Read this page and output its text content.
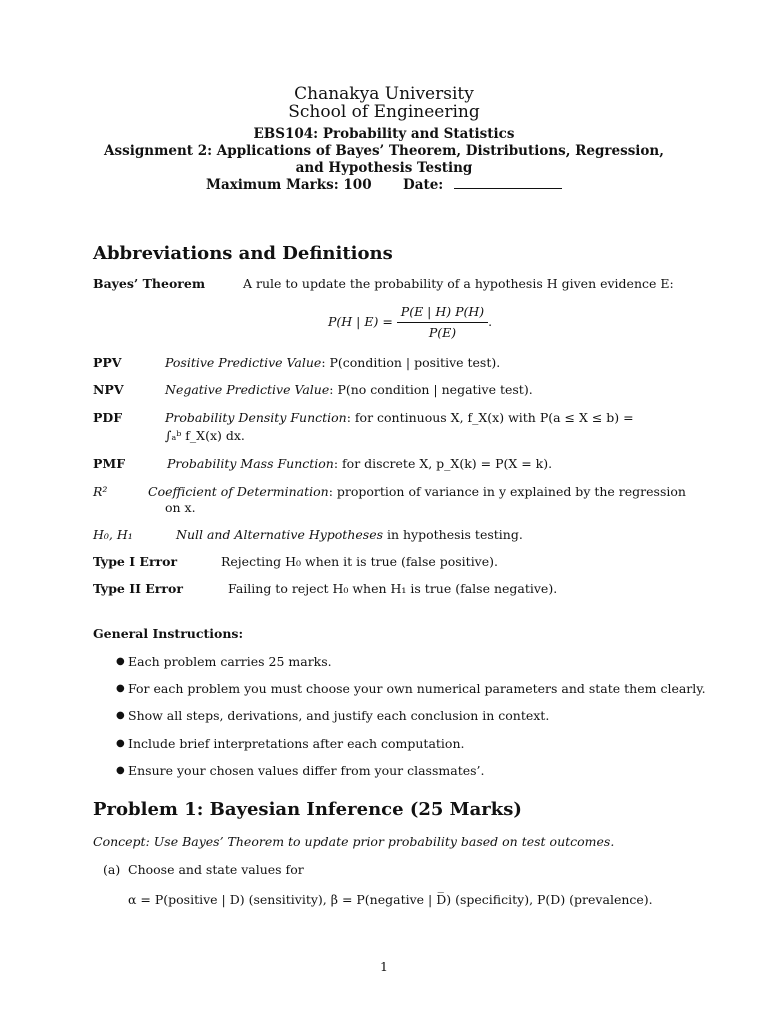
Chanakya University
School of Engineering
EBS104: Probability and Statistics
Assignment 2: Applications of Bayes’ Theorem, Distributions, Regression,
and Hypothesis Testing
Maximum Marks: 100 Date:
Abbreviations and Definitions
Bayes’ Theorem	A rule to update the probability of a hypothesis H given evidence E:
P(H | $E) = \frac{P(E | H) P(H)}{P(E)}$ .
PPV	Positive Predictive Value: P(condition | positive test).
NPV	Negative Predictive Value: P(no condition | negative test).
PDF	Probability Density Function: for continuous X, f_X(x) with P(a ≤ X ≤ b) =
∫ₐᵇ f_X(x) dx.
PMF	Probability Mass Function: for discrete X, p_X(k) = P(X = k).
R²	Coefficient of Determination: proportion of variance in y explained by the regression
on x.
H₀, H₁	Null and Alternative Hypotheses in hypothesis testing.
Type I Error	Rejecting H₀ when it is true (false positive).
Type II Error	Failing to reject H₀ when H₁ is true (false negative).
General Instructions:
● Each problem carries 25 marks.
● For each problem you must choose your own numerical parameters and state them clearly.
● Show all steps, derivations, and justify each conclusion in context.
● Include brief interpretations after each computation.
● Ensure your chosen values differ from your classmates’.
Problem 1: Bayesian Inference (25 Marks)
Concept: Use Bayes’ Theorem to update prior probability based on test outcomes.
(a) Choose and state values for
α = P(positive | D) (sensitivity), β = P(negative | D̅) (specificity), P(D) (prevalence).
1
